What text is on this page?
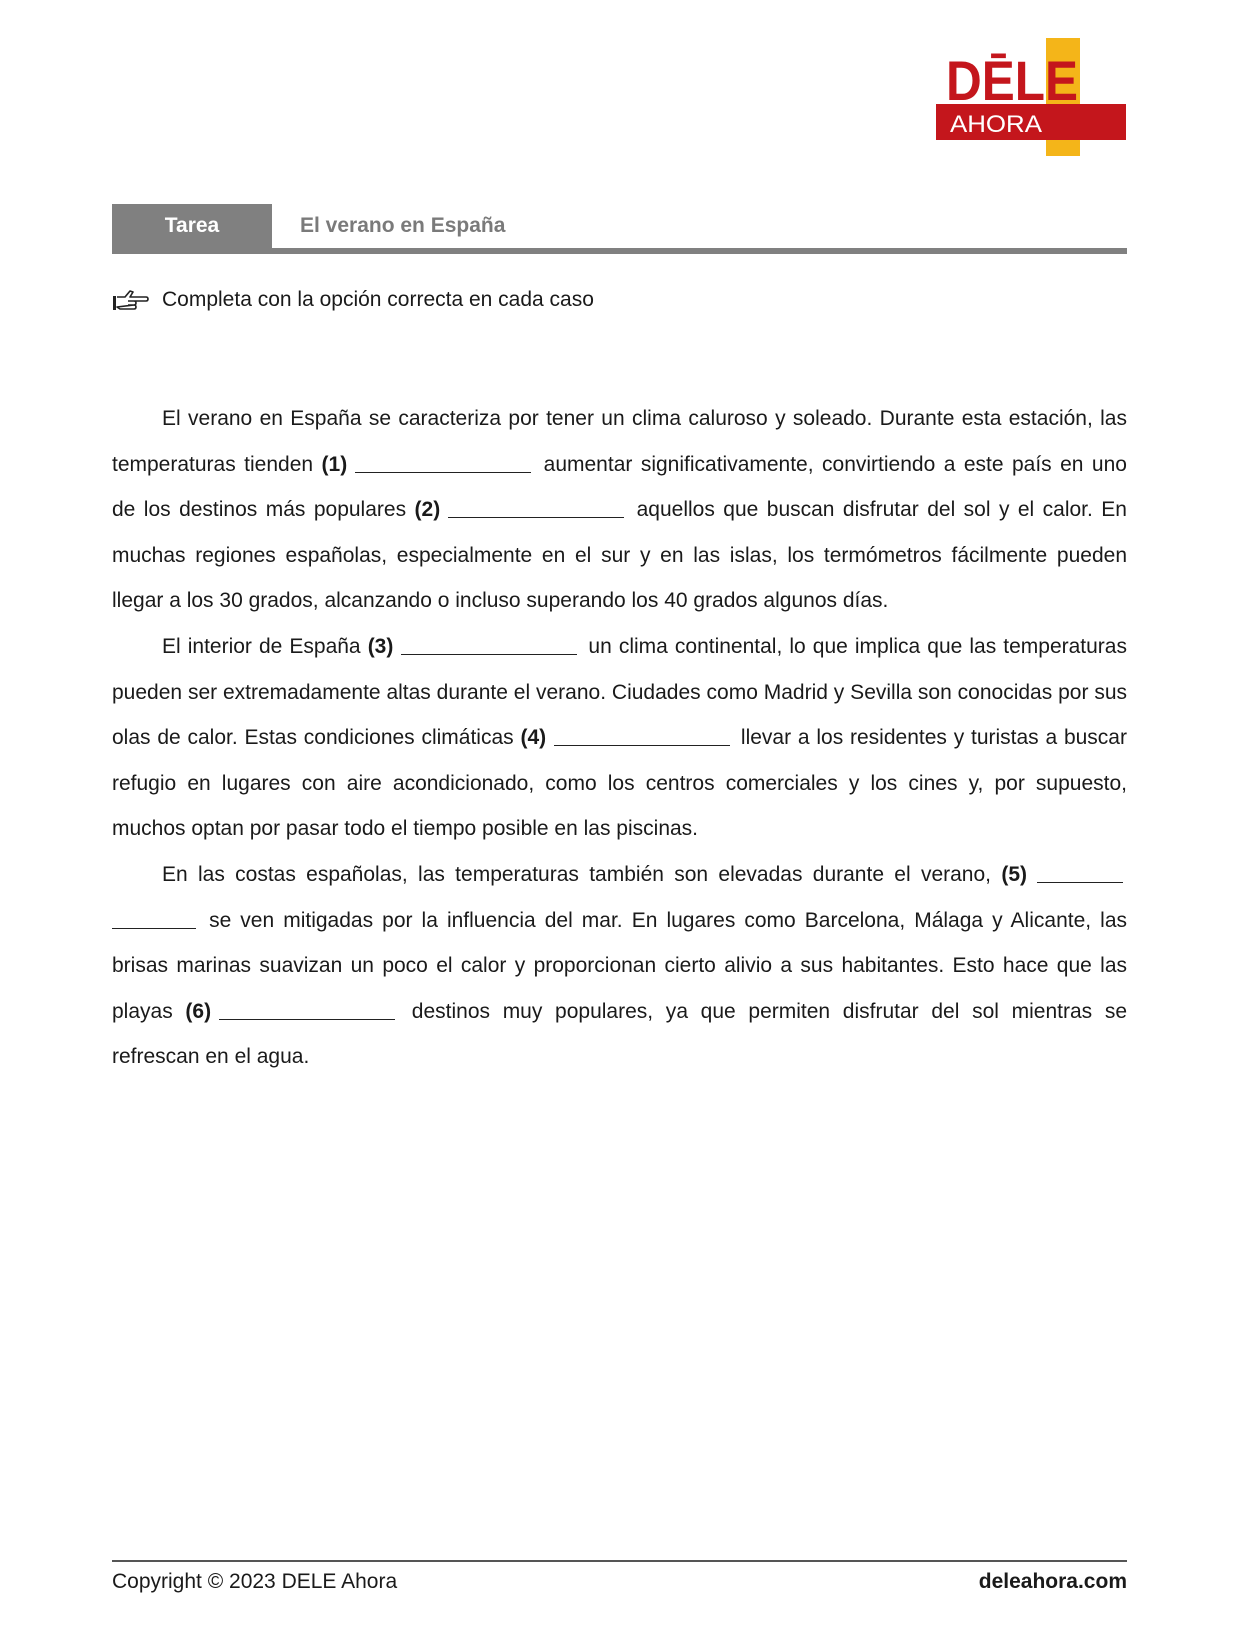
DĒLE
AHORA
Tarea	El verano en España
Completa con la opción correcta en cada caso

El verano en España se caracteriza por tener un clima caluroso y soleado. Durante esta estación, las temperaturas tienden (1)	aumentar significativamente, convirtiendo a este país en uno de los destinos más populares (2)	aquellos que buscan disfrutar del sol y el calor. En muchas regiones españolas, especialmente en el sur y en las islas, los termómetros fácilmente pueden llegar a los 30 grados, alcanzando o incluso superando los 40 grados algunos días.

El interior de España (3)	un clima continental, lo que implica que las temperaturas pueden ser extremadamente altas durante el verano. Ciudades como Madrid y Sevilla son conocidas por sus olas de calor. Estas condiciones climáticas (4)	llevar a los residentes y turistas a buscar refugio en lugares con aire acondicionado, como los centros comerciales y los cines y, por supuesto, muchos optan por pasar todo el tiempo posible en las piscinas.

En las costas españolas, las temperaturas también son elevadas durante el verano, (5)  se ven mitigadas por la influencia del mar. En lugares como Barcelona, Málaga y Alicante, las brisas marinas suavizan un poco el calor y proporcionan cierto alivio a sus habitantes. Esto hace que las playas (6)	destinos muy populares, ya que permiten disfrutar del sol mientras se refrescan en el agua.

Copyright © 2023 DELE Ahora	deleahora.com
